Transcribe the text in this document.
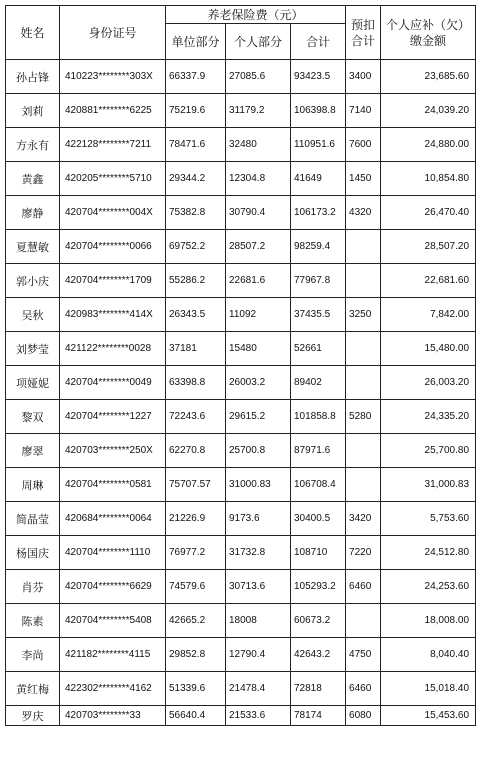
姓名	身份证号	养老保险费（元）			预扣合计	个人应补（欠）缴金额
		单位部分	个人部分	合计		
孙占锋	410223********303X	66337.9	27085.6	93423.5	3400	23,685.60
刘莉	420881********6225	75219.6	31179.2	106398.8	7140	24,039.20
方永有	422128********7211	78471.6	32480	110951.6	7600	24,880.00
黄鑫	420205********5710	29344.2	12304.8	41649	1450	10,854.80
廖静	420704********004X	75382.8	30790.4	106173.2	4320	26,470.40
夏慧敏	420704********0066	69752.2	28507.2	98259.4		28,507.20
郭小庆	420704********1709	55286.2	22681.6	77967.8		22,681.60
吴秋	420983********414X	26343.5	11092	37435.5	3250	7,842.00
刘梦莹	421122********0028	37181	15480	52661		15,480.00
项娅妮	420704********0049	63398.8	26003.2	89402		26,003.20
黎双	420704********1227	72243.6	29615.2	101858.8	5280	24,335.20
廖翠	420703********250X	62270.8	25700.8	87971.6		25,700.80
周琳	420704********0581	75707.57	31000.83	106708.4		31,000.83
简晶莹	420684********0064	21226.9	9173.6	30400.5	3420	5,753.60
杨国庆	420704********1110	76977.2	31732.8	108710	7220	24,512.80
肖芬	420704********6629	74579.6	30713.6	105293.2	6460	24,253.60
陈素	420704********5408	42665.2	18008	60673.2		18,008.00
李尚	421182********4115	29852.8	12790.4	42643.2	4750	8,040.40
黄红梅	422302********4162	51339.6	21478.4	72818	6460	15,018.40
罗庆	420703********33	56640.4	21533.6	78174	6080	15,453.60
